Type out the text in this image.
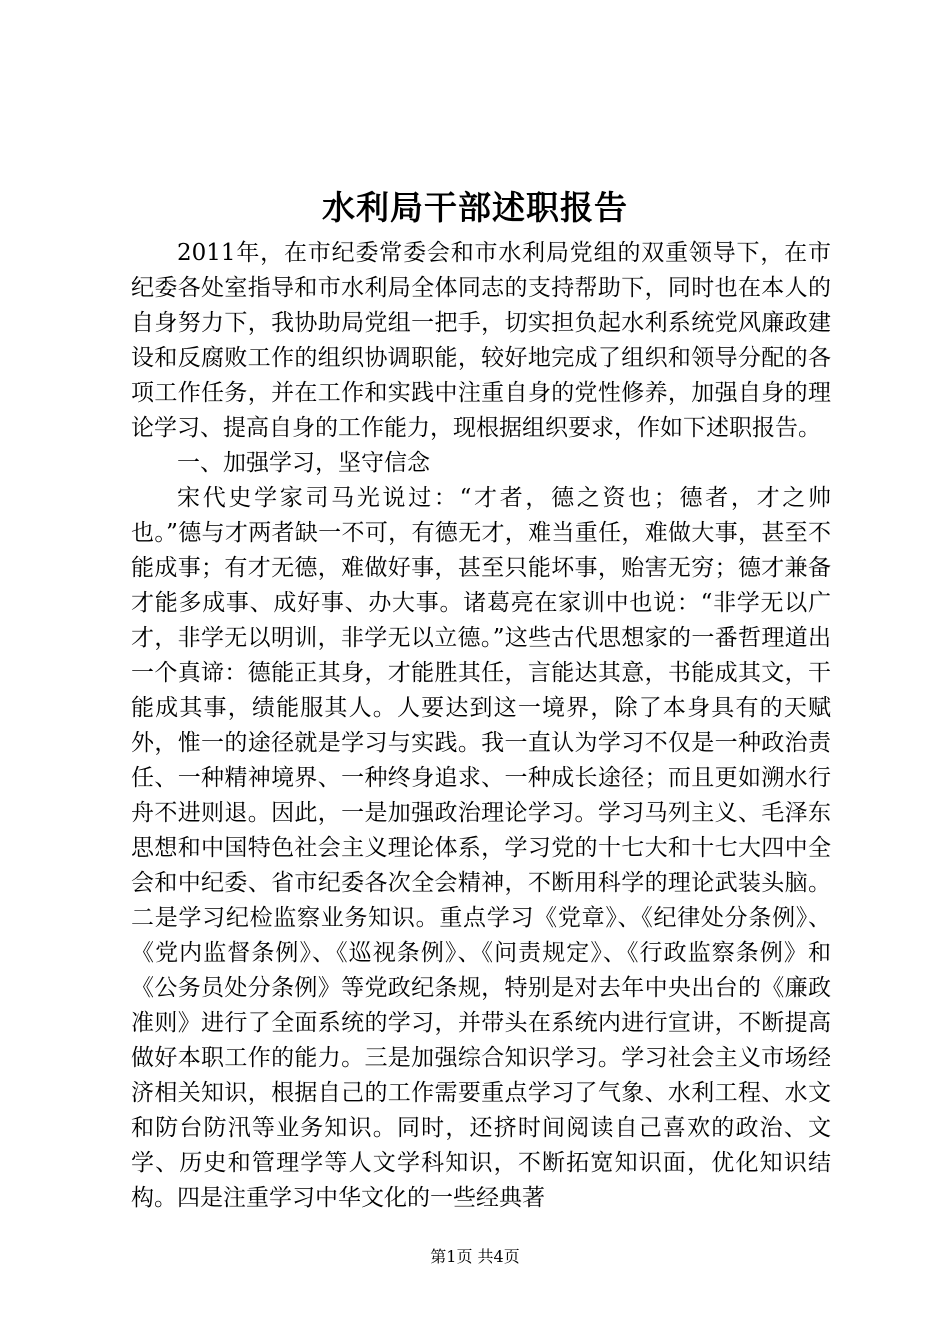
水利局干部述职报告

2011年，在市纪委常委会和市水利局党组的双重领导下，在市纪委各处室指导和市水利局全体同志的支持帮助下，同时也在本人的自身努力下，我协助局党组一把手，切实担负起水利系统党风廉政建设和反腐败工作的组织协调职能，较好地完成了组织和领导分配的各项工作任务，并在工作和实践中注重自身的党性修养，加强自身的理论学习、提高自身的工作能力，现根据组织要求，作如下述职报告。

一、加强学习，坚守信念

宋代史学家司马光说过：“才者，德之资也；德者，才之帅也。”德与才两者缺一不可，有德无才，难当重任，难做大事，甚至不能成事；有才无德，难做好事，甚至只能坏事，贻害无穷；德才兼备才能多成事、成好事、办大事。诸葛亮在家训中也说：“非学无以广才，非学无以明训，非学无以立德。”这些古代思想家的一番哲理道出一个真谛：德能正其身，才能胜其任，言能达其意，书能成其文，干能成其事，绩能服其人。人要达到这一境界，除了本身具有的天赋外，惟一的途径就是学习与实践。我一直认为学习不仅是一种政治责任、一种精神境界、一种终身追求、一种成长途径；而且更如溯水行舟不进则退。因此，一是加强政治理论学习。学习马列主义、毛泽东思想和中国特色社会主义理论体系，学习党的十七大和十七大四中全会和中纪委、省市纪委各次全会精神，不断用科学的理论武装头脑。二是学习纪检监察业务知识。重点学习《党章》、《纪律处分条例》、《党内监督条例》、《巡视条例》、《问责规定》、《行政监察条例》和《公务员处分条例》等党政纪条规，特别是对去年中央出台的《廉政准则》进行了全面系统的学习，并带头在系统内进行宣讲，不断提高做好本职工作的能力。三是加强综合知识学习。学习社会主义市场经济相关知识，根据自己的工作需要重点学习了气象、水利工程、水文和防台防汛等业务知识。同时，还挤时间阅读自己喜欢的政治、文学、历史和管理学等人文学科知识，不断拓宽知识面，优化知识结构。四是注重学习中华文化的一些经典著

第1页 共4页
